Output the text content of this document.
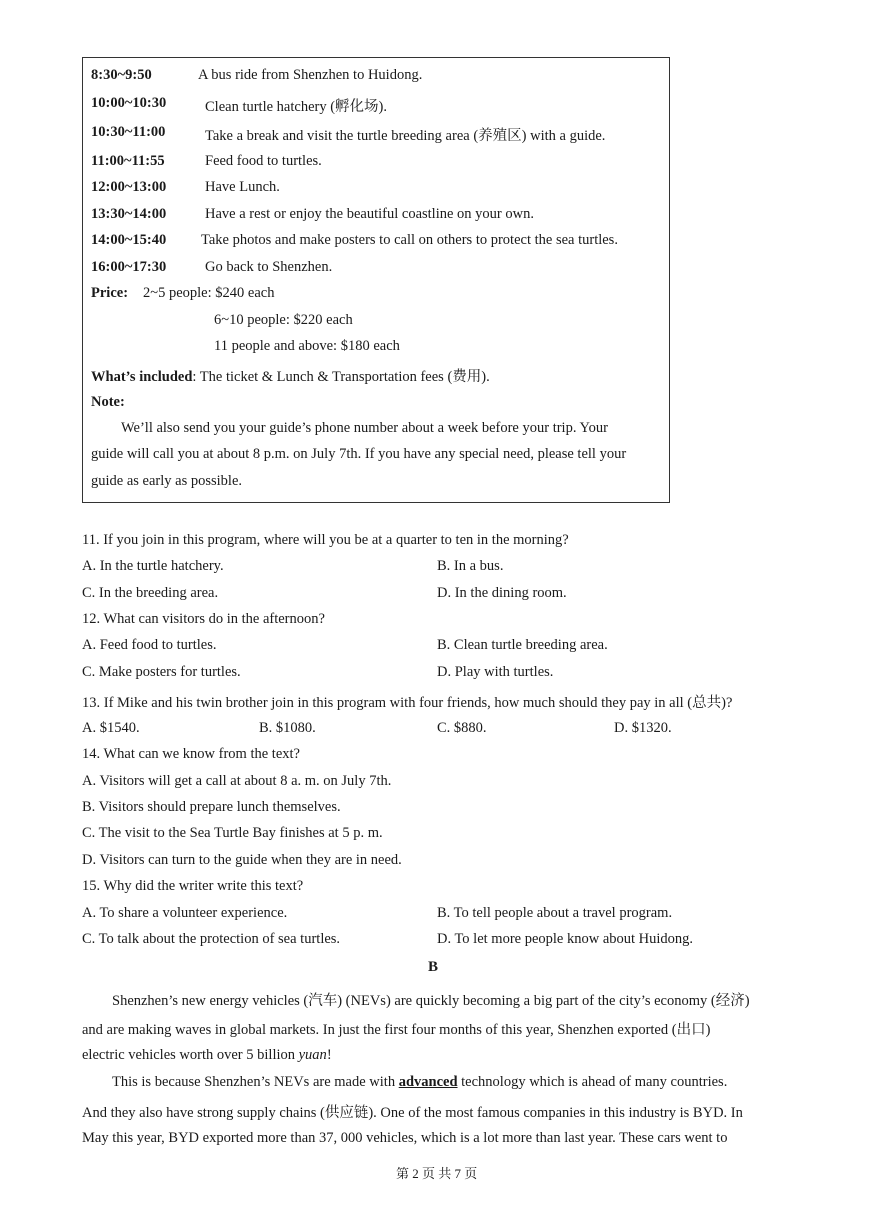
8:30~9:50	A bus ride from Shenzhen to Huidong.
10:00~10:30	Clean turtle hatchery (孵化场).
10:30~11:00	Take a break and visit the turtle breeding area (养殖区) with a guide.
11:00~11:55	Feed food to turtles.
12:00~13:00	Have Lunch.
13:30~14:00	Have a rest or enjoy the beautiful coastline on your own.
14:00~15:40 Take photos and make posters to call on others to protect the sea turtles.
16:00~17:30	Go back to Shenzhen.
Price: 2~5 people: $240 each
6~10 people: $220 each
11 people and above: $180 each
What’s included: The ticket & Lunch & Transportation fees (费用).
Note:
We’ll also send you your guide’s phone number about a week before your trip. Your
guide will call you at about 8 p.m. on July 7th. If you have any special need, please tell your
guide as early as possible.
11. If you join in this program, where will you be at a quarter to ten in the morning?
A. In the turtle hatchery.	B. In a bus.
C. In the breeding area.	D. In the dining room.
12. What can visitors do in the afternoon?
A. Feed food to turtles.	B. Clean turtle breeding area.
C. Make posters for turtles.	D. Play with turtles.
13. If Mike and his twin brother join in this program with four friends, how much should they pay in all (总共)?
A. $1540.	B. $1080.	C. $880.	D. $1320.
14. What can we know from the text?
A. Visitors will get a call at about 8 a. m. on July 7th.
B. Visitors should prepare lunch themselves.
C. The visit to the Sea Turtle Bay finishes at 5 p. m.
D. Visitors can turn to the guide when they are in need.
15. Why did the writer write this text?
A. To share a volunteer experience.	B. To tell people about a travel program.
C. To talk about the protection of sea turtles.	D. To let more people know about Huidong.
B
Shenzhen’s new energy vehicles (汽车) (NEVs) are quickly becoming a big part of the city’s economy (经济)
and are making waves in global markets. In just the first four months of this year, Shenzhen exported (出口)
electric vehicles worth over 5 billion yuan!
This is because Shenzhen’s NEVs are made with advanced technology which is ahead of many countries.
And they also have strong supply chains (供应链). One of the most famous companies in this industry is BYD. In
May this year, BYD exported more than 37, 000 vehicles, which is a lot more than last year. These cars went to
第 2 页 共 7 页
